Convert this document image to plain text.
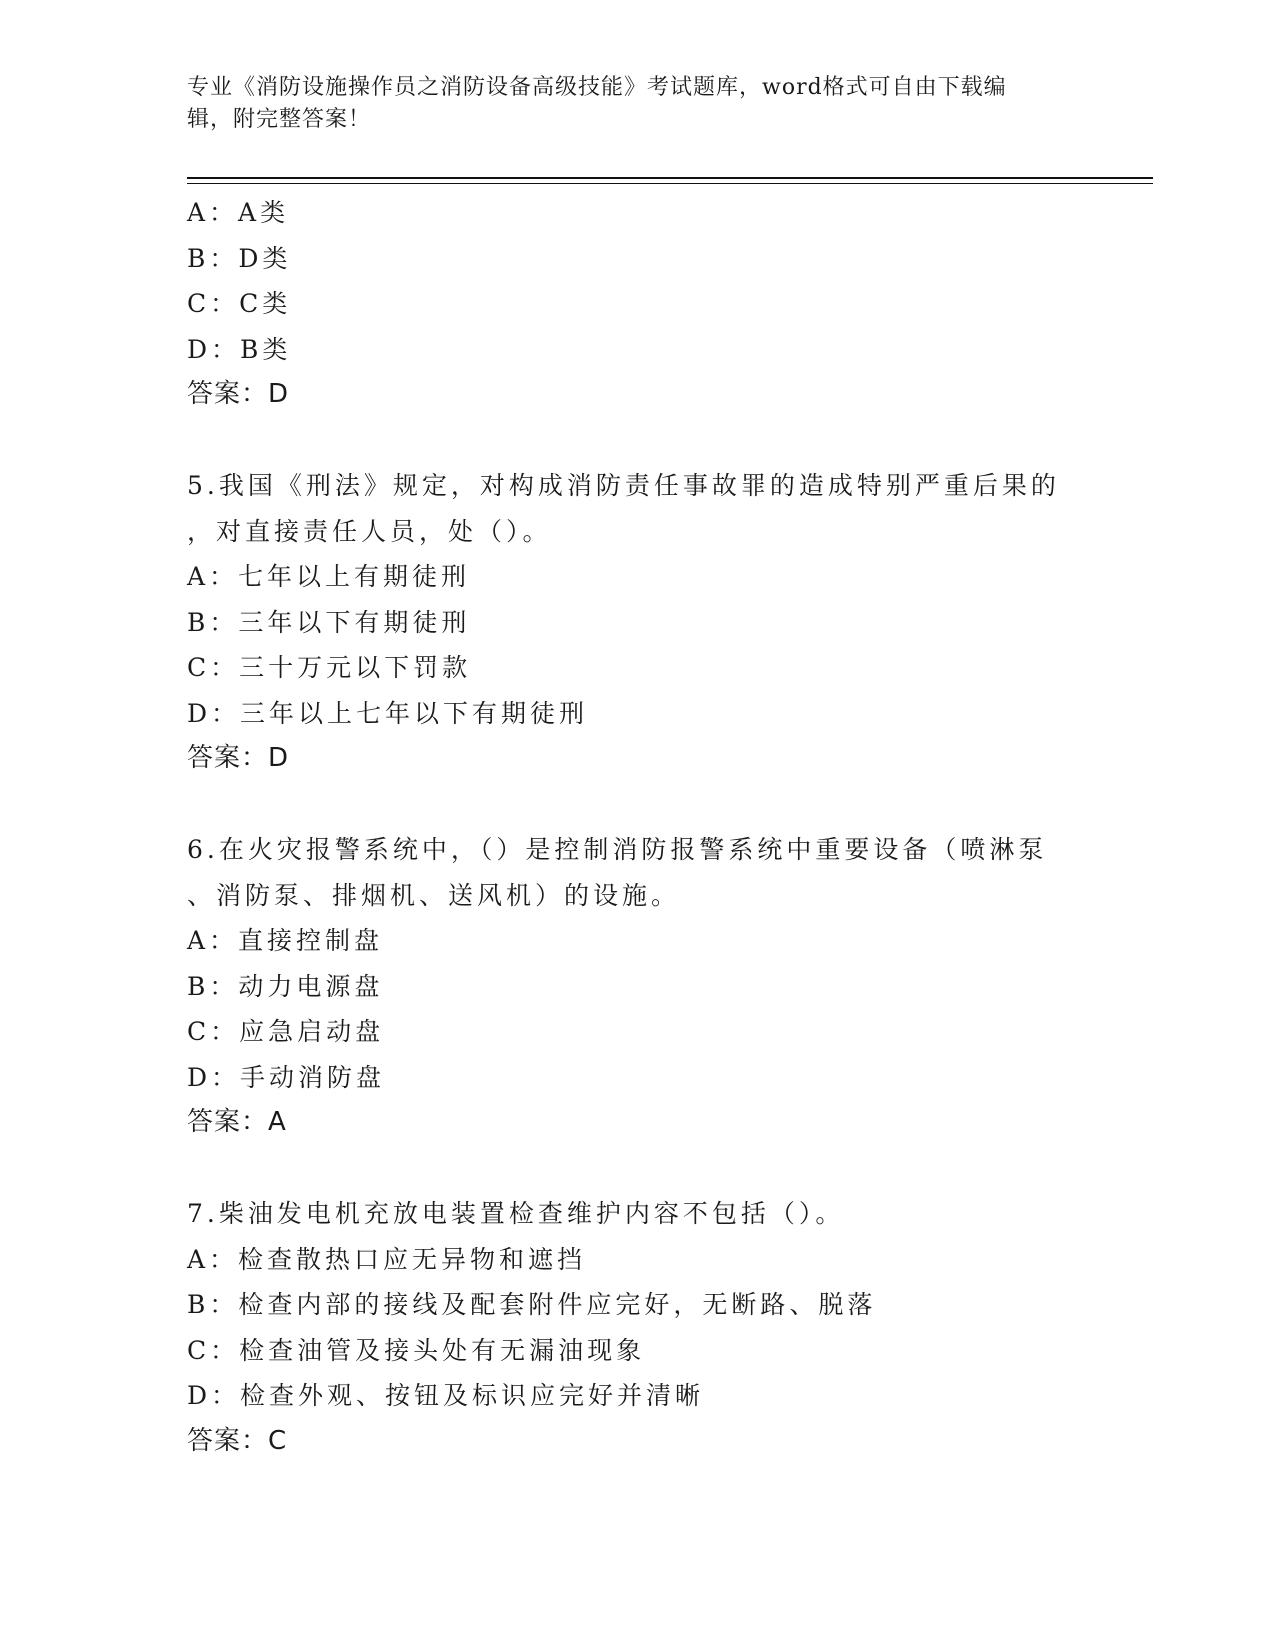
专业《消防设施操作员之消防设备高级技能》考试题库，word格式可自由下载编
辑，附完整答案！
A：A类
B：D类
C：C类
D：B类
答案：D
5.我国《刑法》规定，对构成消防责任事故罪的造成特别严重后果的
，对直接责任人员，处（）。
A：七年以上有期徒刑
B：三年以下有期徒刑
C：三十万元以下罚款
D：三年以上七年以下有期徒刑
答案：D
6.在火灾报警系统中，（）是控制消防报警系统中重要设备（喷淋泵
、消防泵、排烟机、送风机）的设施。
A：直接控制盘
B：动力电源盘
C：应急启动盘
D：手动消防盘
答案：A
7.柴油发电机充放电装置检查维护内容不包括（）。
A：检查散热口应无异物和遮挡
B：检查内部的接线及配套附件应完好，无断路、脱落
C：检查油管及接头处有无漏油现象
D：检查外观、按钮及标识应完好并清晰
答案：C
